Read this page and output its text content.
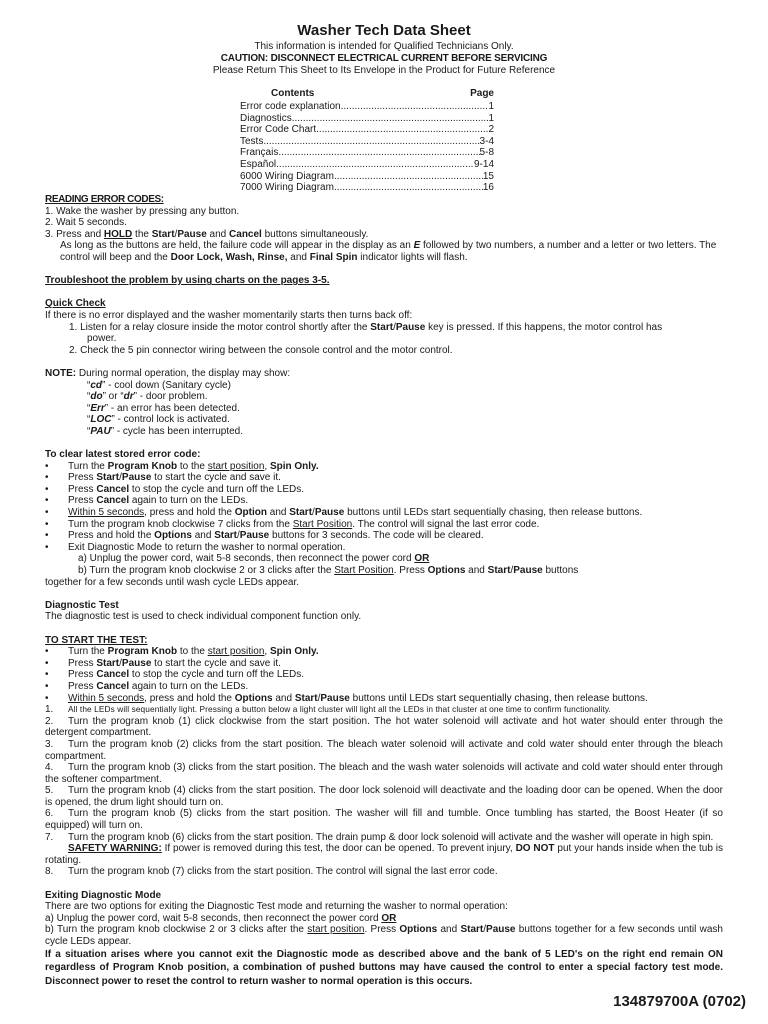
Washer Tech Data Sheet
This information is intended for Qualified Technicians Only.
CAUTION: DISCONNECT ELECTRICAL CURRENT BEFORE SERVICING
Please Return This Sheet to Its Envelope in the Product for Future Reference
Contents	Page
Error code explanation .....	1
Diagnostics .....	1
Error Code Chart .....	2
Tests .....	3-4
Français .....	5-8
Español .....	9-14
6000 Wiring Diagram .....	15
7000 Wiring Diagram .....	16

READING ERROR CODES:

1. Wake the washer by pressing any button.

2. Wait 5 seconds.

3. Press and HOLD the Start/Pause and Cancel buttons simultaneously.

As long as the buttons are held, the failure code will appear in the display as an E followed by two numbers, a number and a letter or two letters. The

control will beep and the Door Lock, Wash, Rinse, and Final Spin indicator lights will flash.

Troubleshoot the problem by using charts on the pages 3-5.

Quick Check

If there is no error displayed and the washer momentarily starts then turns back off:

1. Listen for a relay closure inside the motor control shortly after the Start/Pause key is pressed. If this happens, the motor control has

power.

2. Check the 5 pin connector wiring between the console control and the motor control.

NOTE: During normal operation, the display may show:

“cd” - cool down (Sanitary cycle)

“do” or “dr” - door problem.

“Err” - an error has been detected.

“LOC” - control lock is activated.

“PAU” - cycle has been interrupted.

To clear latest stored error code:

•	Turn the Program Knob to the start position, Spin Only.
•	Press Start/Pause to start the cycle and save it.
•	Press Cancel to stop the cycle and turn off the LEDs.
•	Press Cancel again to turn on the LEDs.
•	Within 5 seconds, press and hold the Option and Start/Pause buttons until LEDs start sequentially chasing, then release buttons.
•	Turn the program knob clockwise 7 clicks from the Start Position. The control will signal the last error code.
•	Press and hold the Options and Start/Pause buttons for 3 seconds. The code will be cleared.
•	Exit Diagnostic Mode to return the washer to normal operation.

a) Unplug the power cord, wait 5-8 seconds, then reconnect the power cord OR

b) Turn the program knob clockwise 2 or 3 clicks after the Start Position. Press Options and Start/Pause buttons

together for a few seconds until wash cycle LEDs appear.

Diagnostic Test

The diagnostic test is used to check individual component function only.

TO START THE TEST:

•	Turn the Program Knob to the start position, Spin Only.
•	Press Start/Pause to start the cycle and save it.
•	Press Cancel to stop the cycle and turn off the LEDs.
•	Press Cancel again to turn on the LEDs.
•	Within 5 seconds, press and hold the Options and Start/Pause buttons until LEDs start sequentially chasing, then release buttons.
1.	All the LEDs will sequentially light. Pressing a button below a light cluster will light all the LEDs in that cluster at one time to confirm functionality.
2.	Turn the program knob (1) click clockwise from the start position. The hot water solenoid will activate and hot water should enter through the detergent compartment.
3.	Turn the program knob (2) clicks from the start position. The bleach water solenoid will activate and cold water should enter through the bleach compartment.
4.	Turn the program knob (3) clicks from the start position. The bleach and the wash water solenoids will activate and cold water should enter through the softener compartment.
5.	Turn the program knob (4) clicks from the start position. The door lock solenoid will deactivate and the loading door can be opened. When the door is opened, the drum light should turn on.
6.	Turn the program knob (5) clicks from the start position. The washer will fill and tumble. Once tumbling has started, the Boost Heater (if so equipped) will turn on.
7.	Turn the program knob (6) clicks from the start position. The drain pump & door lock solenoid will activate and the washer will operate in high spin.

SAFETY WARNING: If power is removed during this test, the door can be opened. To prevent injury, DO NOT put your hands inside when the tub is rotating.

8.	Turn the program knob (7) clicks from the start position. The control will signal the last error code.

Exiting Diagnostic Mode

There are two options for exiting the Diagnostic Test mode and returning the washer to normal operation:

a) Unplug the power cord, wait 5-8 seconds, then reconnect the power cord OR

b) Turn the program knob clockwise 2 or 3 clicks after the start position. Press Options and Start/Pause buttons together for a few seconds until wash cycle LEDs appear.

If a situation arises where you cannot exit the Diagnostic mode as described above and the bank of 5 LED's on the right end remain ON regardless of Program Knob position, a combination of pushed buttons may have caused the control to enter a special factory test mode. Disconnect power to reset the control to return washer to normal operation is this occurs.

134879700A (0702)
